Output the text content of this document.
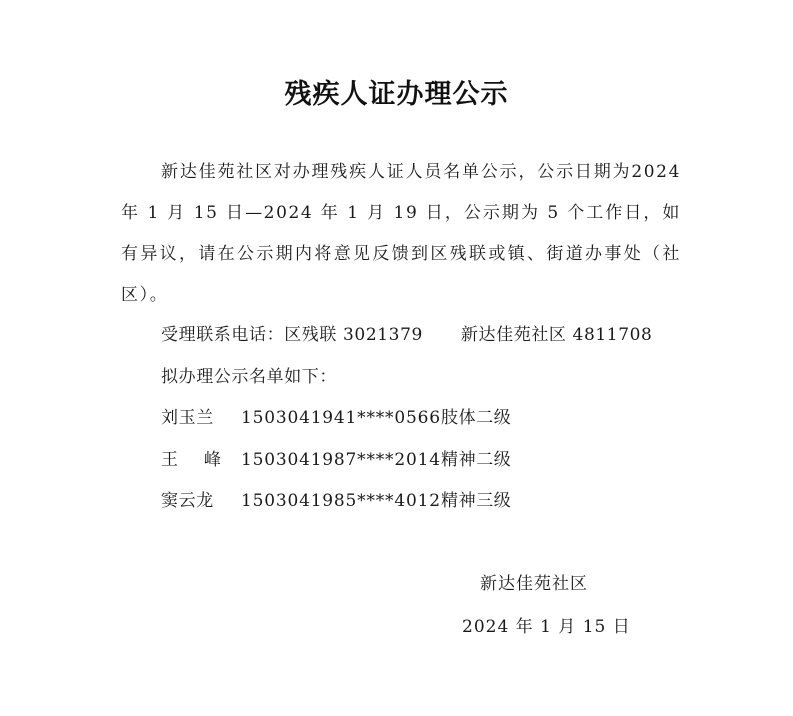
残疾人证办理公示
新达佳苑社区对办理残疾人证人员名单公示，公示日期为2024 年 1 月 15 日—2024 年 1 月 19 日，公示期为 5 个工作日，如有异议，请在公示期内将意见反馈到区残联或镇、街道办事处（社区）。
受理联系电话：区残联 3021379 新达佳苑社区 4811708
拟办理公示名单如下：
刘玉兰	1503041941****0566 肢体二级
王峰
1503041987****2014 精神二级
窦云龙	1503041985****4012 精神三级
新达佳苑社区
2024 年 1 月 15 日
